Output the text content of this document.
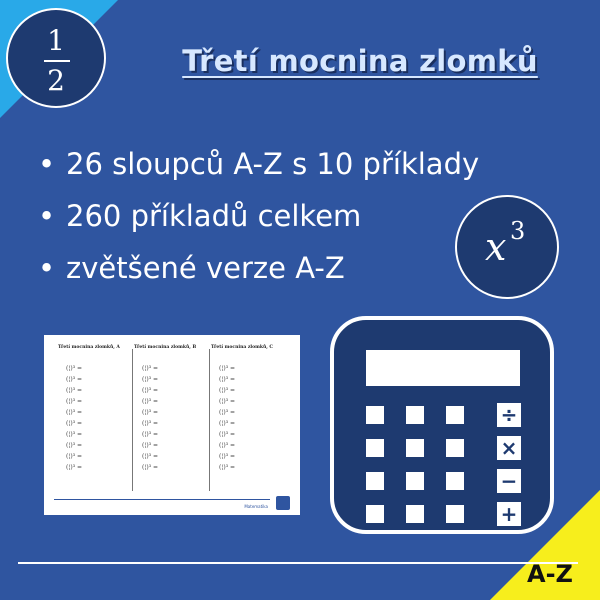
1
2
Třetí mocnina zlomků
• 26 sloupců A-Z s 10 příklady
• 260 příkladů celkem
• zvětšené verze A-Z	x 3
Třetí mocnina zlomků, A	Třetí mocnina zlomků, B	Třetí mocnina zlomků, C
Matematika
(¦)³ =
(¦)³ =
(¦)³ =
(¦)³ =
(¦)³ =
(¦)³ =
(¦)³ =
(¦)³ =
(¦)³ =
(¦)³ =
(¦)³ =
(¦)³ =
(¦)³ =
(¦)³ =
(¦)³ =
(¦)³ =
(¦)³ =
(¦)³ =
(¦)³ =
(¦)³ =
(¦)³ =
(¦)³ =
(¦)³ =
(¦)³ =
(¦)³ =
(¦)³ =
(¦)³ =
(¦)³ =
(¦)³ =
(¦)³ =
÷
×
−
+
A-Z
